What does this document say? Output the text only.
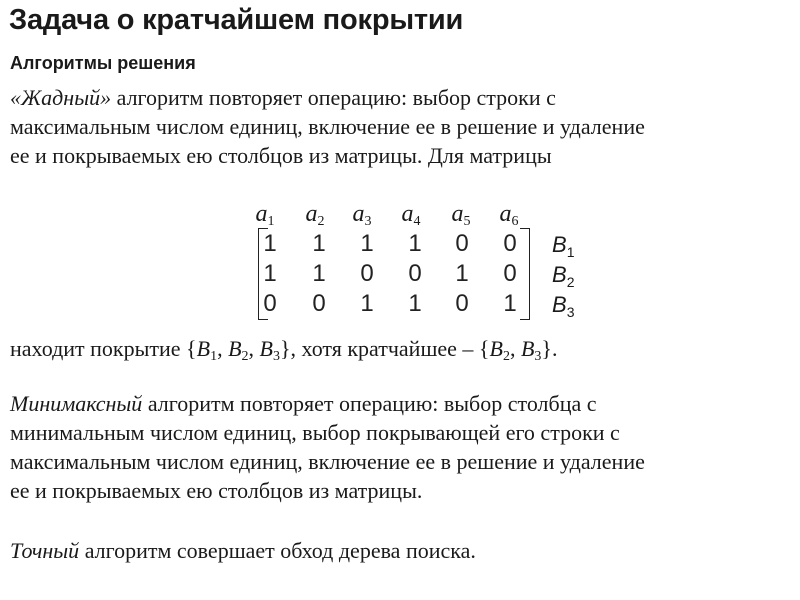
Задача о кратчайшем покрытии
Алгоритмы решения
«Жадный» алгоритм повторяет операцию: выбор строки с
максимальным числом единиц, включение ее в решение и удаление
ее и покрываемых ею столбцов из матрицы. Для матрицы
$a_1$	$a_2$	$a_3$	$a_4$	$a_5$	$a_6$
1	1	1	1	0	0	$B_1$
1	1	0	0	1	0	$B_2$
0	0	1	1	0	1	$B_3$
находит покрытие {$B_1$, $B_2$, $B_3$}, хотя кратчайшее – {$B_2$, $B_3$}.
Минимаксный алгоритм повторяет операцию: выбор столбца с
минимальным числом единиц, выбор покрывающей его строки с
максимальным числом единиц, включение ее в решение и удаление
ее и покрываемых ею столбцов из матрицы.
Точный алгоритм совершает обход дерева поиска.
